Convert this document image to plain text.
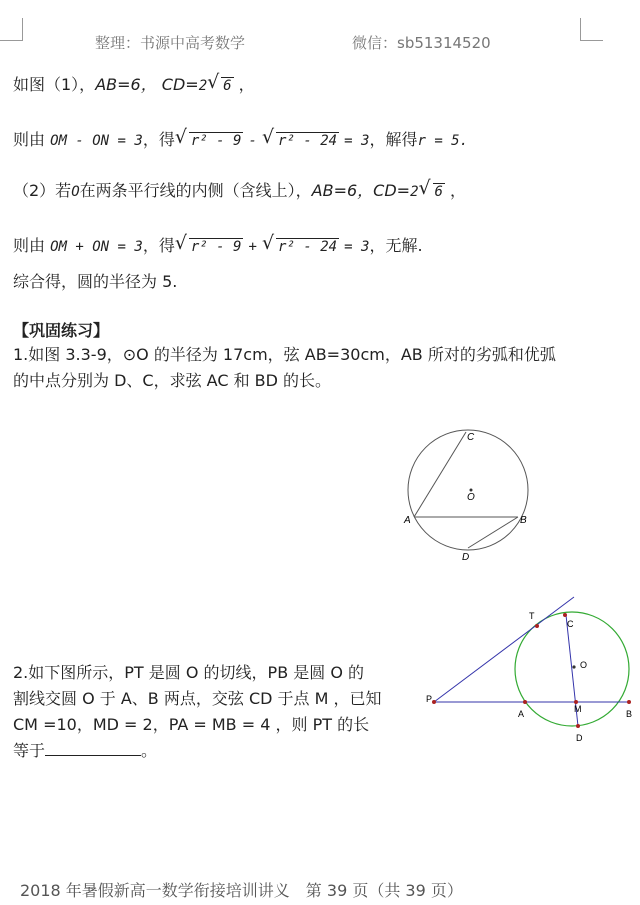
整理：书源中高考数学	微信：sb51314520
如图（1），AB=6， CD=2 √ 6 ，
则由 OM - ON = 3，得 √ r² - 9 - √ r² - 24 = 3，解得r = 5.
（2）若O在两条平行线的内侧（含线上），AB=6，CD=2 √ 6 ，
则由 OM + ON = 3，得 √ r² - 9 + √ r² - 24 = 3，无解.
综合得，圆的半径为 5.
【巩固练习】
1.如图 3.3-9，⊙O 的半径为 17cm，弦 AB=30cm，AB 所对的劣弧和优弧
的中点分别为 D、C，求弦 AC 和 BD 的长。
C
O
A	B
D
2.如下图所示，PT 是圆 O 的切线，PB 是圆 O 的
割线交圆 O 于 A、B 两点，交弦 CD 于点 M ，已知
CM =10，MD = 2，PA = MB = 4 ，则 PT 的长
等于	。
T
C
O
P
A	M	B
D
2018 年暑假新高一数学衔接培训讲义　第 39 页（共 39 页）
